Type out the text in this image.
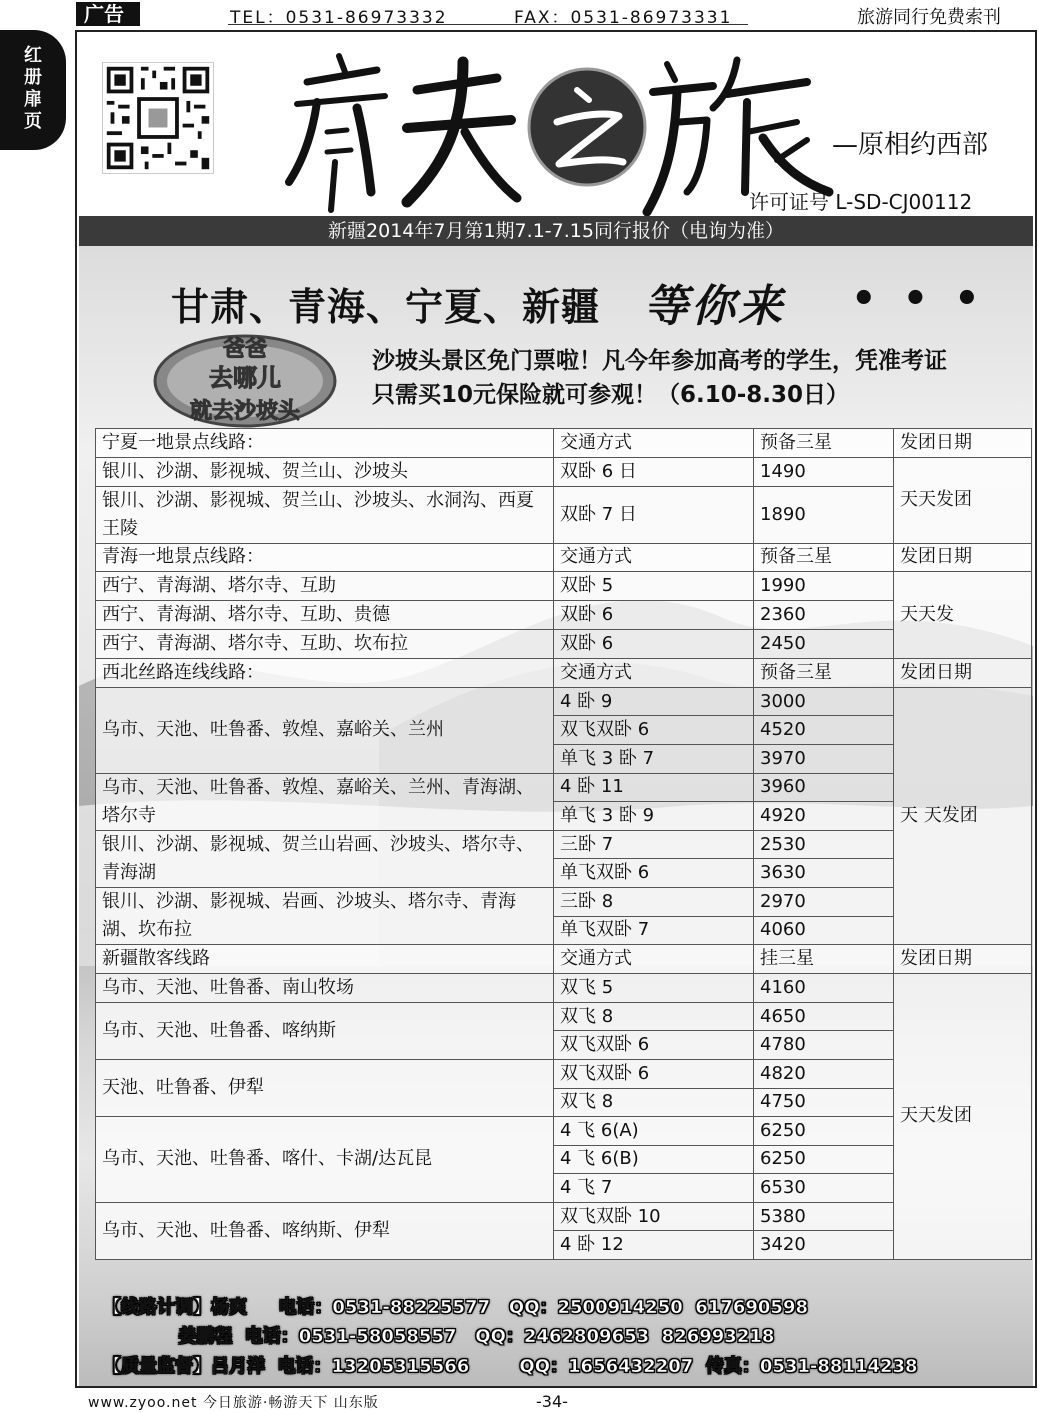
广告	TEL：0531-86973332	FAX：0531-86973331	旅游同行免费索刊
红册扉页
—原相约西部
许可证号 L-SD-CJ00112
新疆2014年7月第1期7.1-7.15同行报价（电询为准）
甘肃、青海、宁夏、新疆 等你来 •••
爸爸
去哪儿
就去沙坡头
沙坡头景区免门票啦！凡今年参加高考的学生，凭准考证
只需买10元保险就可参观！（6.10-8.30日）
宁夏一地景点线路：	交通方式	预备三星	发团日期
银川、沙湖、影视城、贺兰山、沙坡头	双卧 6 日	1490	天天发团
银川、沙湖、影视城、贺兰山、沙坡头、水洞沟、西夏王陵	双卧 7 日	1890	
青海一地景点线路：	交通方式	预备三星	发团日期
西宁、青海湖、塔尔寺、互助	双卧 5	1990	天天发
西宁、青海湖、塔尔寺、互助、贵德	双卧 6	2360	
西宁、青海湖、塔尔寺、互助、坎布拉	双卧 6	2450	
西北丝路连线线路：	交通方式	预备三星	发团日期
乌市、天池、吐鲁番、敦煌、嘉峪关、兰州	4 卧 9	3000	天 天发团
	双飞双卧 6	4520	
	单飞 3 卧 7	3970	
乌市、天池、吐鲁番、敦煌、嘉峪关、兰州、青海湖、塔尔寺	4 卧 11	3960	
	单飞 3 卧 9	4920	
银川、沙湖、影视城、贺兰山岩画、沙坡头、塔尔寺、青海湖	三卧 7	2530	
	单飞双卧 6	3630	
银川、沙湖、影视城、岩画、沙坡头、塔尔寺、青海湖、坎布拉	三卧 8	2970	
	单飞双卧 7	4060	
新疆散客线路	交通方式	挂三星	发团日期
乌市、天池、吐鲁番、南山牧场	双飞 5	4160	天天发团
乌市、天池、吐鲁番、喀纳斯	双飞 8	4650	
	双飞双卧 6	4780	
天池、吐鲁番、伊犁	双飞双卧 6	4820	
	双飞 8	4750	
乌市、天池、吐鲁番、喀什、卡湖/达瓦昆	4 飞 6(A)	6250	
	4 飞 6(B)	6250	
	4 飞 7	6530	
乌市、天池、吐鲁番、喀纳斯、伊犁	双飞双卧 10	5380	
	4 卧 12	3420	
【线路计调】杨爽     电话：0531-88225577   QQ：2500914250  617690598
姜鹏程  电话：0531-58058557   QQ：2462809653  826993218
【质量监督】吕月洋  电话：13205315566        QQ：1656432207  传真：0531-88114238
www.zyoo.net 今日旅游·畅游天下 山东版	-34-
